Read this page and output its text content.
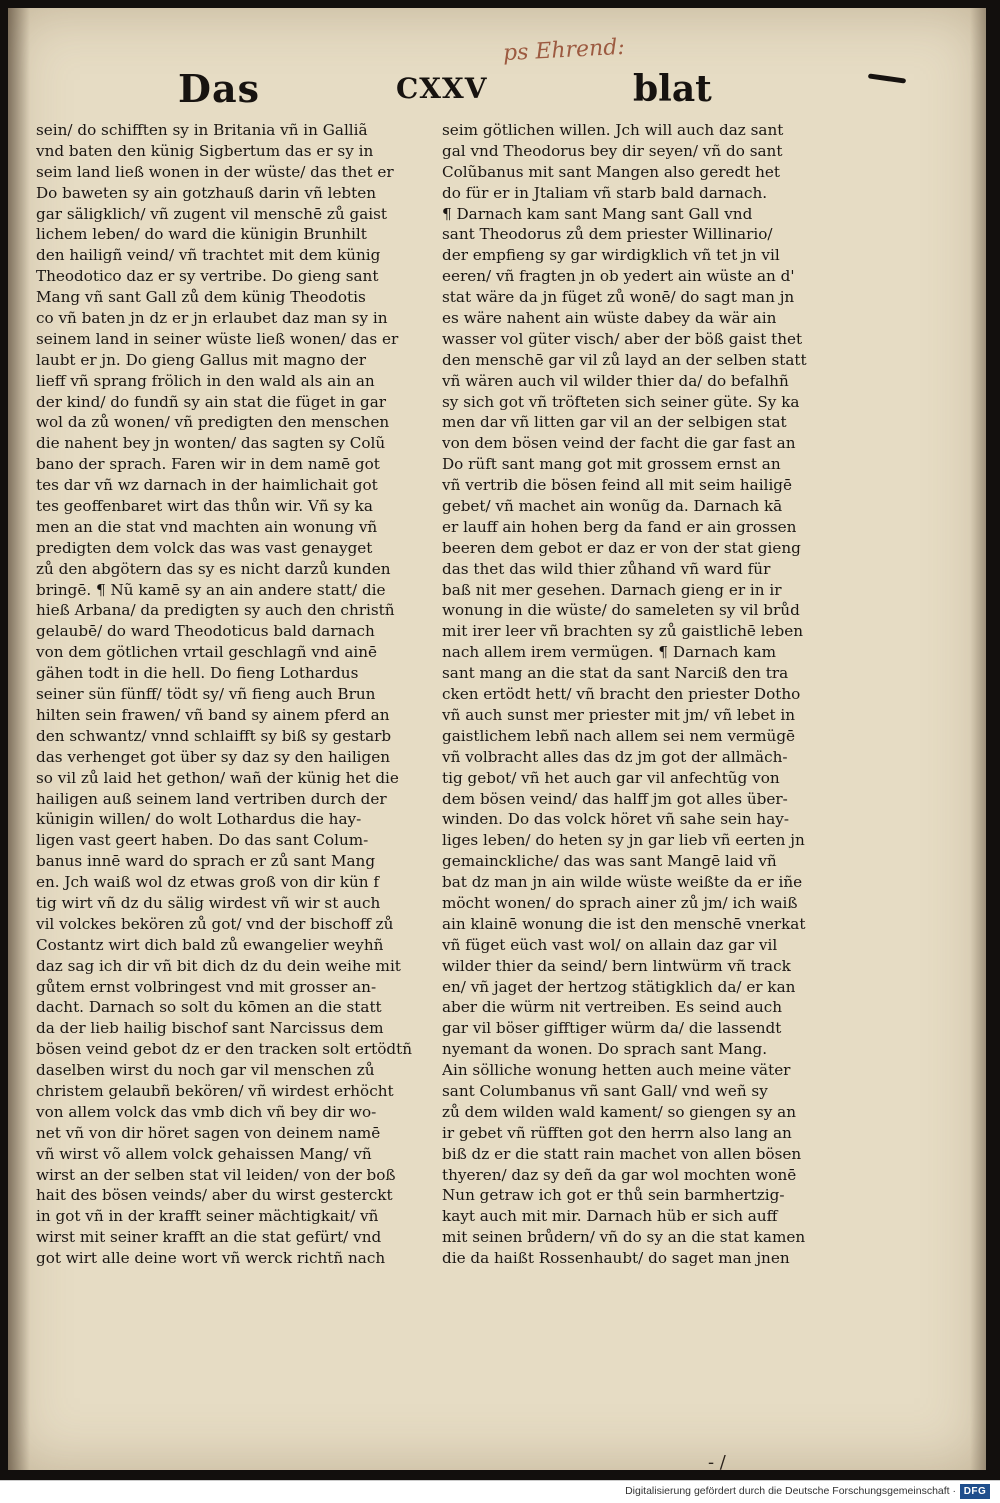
Das	CXXV	blat
ps Ehrend:
sein/ do schifften sy in Britania vñ in Galliã
vnd baten den künig Sigbertum das er sy in
seim land ließ wonen in der wüste/ das thet er
Do baweten sy ain gotzhauß darin vñ lebten
gar säligklich/ vñ zugent vil menschē zů gaist
lichem leben/ do ward die künigin Brunhilt
den hailigñ veind/ vñ trachtet mit dem künig
Theodotico daz er sy vertribe. Do gieng sant
Mang vñ sant Gall zů dem künig Theodotis
co vñ baten jn dz er jn erlaubet daz man sy in
seinem land in seiner wüste ließ wonen/ das er
laubt er jn. Do gieng Gallus mit magno der
lieff vñ sprang frölich in den wald als ain an
der kind/ do fundñ sy ain stat die füget in gar
wol da zů wonen/ vñ predigten den menschen
die nahent bey jn wonten/ das sagten sy Colũ
bano der sprach. Faren wir in dem namē got
tes dar vñ wz darnach in der haimlichait got
tes geoffenbaret wirt das thůn wir. Vñ sy ka
men an die stat vnd machten ain wonung vñ
predigten dem volck das was vast genayget
zů den abgötern das sy es nicht darzů kunden
bringē. ¶ Nũ kamē sy an ain andere statt/ die
hieß Arbana/ da predigten sy auch den christñ
gelaubē/ do ward Theodoticus bald darnach
von dem götlichen vrtail geschlagñ vnd ainē
gähen todt in die hell. Do fieng Lothardus
seiner sün fünff/ tödt sy/ vñ fieng auch Brun
hilten sein frawen/ vñ band sy ainem pferd an
den schwantz/ vnnd schlaifft sy biß sy gestarb
das verhenget got über sy daz sy den hailigen
so vil zů laid het gethon/ wañ der künig het die
hailigen auß seinem land vertriben durch der
künigin willen/ do wolt Lothardus die hay-
ligen vast geert haben. Do das sant Colum-
banus innē ward do sprach er zů sant Mang
en. Jch waiß wol dz etwas groß von dir kün f
tig wirt vñ dz du sälig wirdest vñ wir st auch
vil volckes bekören zů got/ vnd der bischoff zů
Costantz wirt dich bald zů ewangelier weyhñ
daz sag ich dir vñ bit dich dz du dein weihe mit
gůtem ernst volbringest vnd mit grosser an-
dacht. Darnach so solt du kōmen an die statt
da der lieb hailig bischof sant Narcissus dem
bösen veind gebot dz er den tracken solt ertödtñ
daselben wirst du noch gar vil menschen zů
christem gelaubñ bekören/ vñ wirdest erhöcht
von allem volck das vmb dich vñ bey dir wo-
net vñ von dir höret sagen von deinem namē
vñ wirst võ allem volck gehaissen Mang/ vñ
wirst an der selben stat vil leiden/ von der boß
hait des bösen veinds/ aber du wirst gesterckt
in got vñ in der krafft seiner mächtigkait/ vñ
wirst mit seiner krafft an die stat gefürt/ vnd
got wirt alle deine wort vñ werck richtñ nach
seim götlichen willen. Jch will auch daz sant
gal vnd Theodorus bey dir seyen/ vñ do sant
Colũbanus mit sant Mangen also geredt het
do für er in Jtaliam vñ starb bald darnach.
¶ Darnach kam sant Mang sant Gall vnd
sant Theodorus zů dem priester Willinario/
der empfieng sy gar wirdigklich vñ tet jn vil
eeren/ vñ fragten jn ob yedert ain wüste an d'
stat wäre da jn füget zů wonē/ do sagt man jn
es wäre nahent ain wüste dabey da wär ain
wasser vol güter visch/ aber der böß gaist thet
den menschē gar vil zů layd an der selben statt
vñ wären auch vil wilder thier da/ do befalhñ
sy sich got vñ tröfteten sich seiner güte. Sy ka
men dar vñ litten gar vil an der selbigen stat
von dem bösen veind der facht die gar fast an
Do rüft sant mang got mit grossem ernst an
vñ vertrib die bösen feind all mit seim hailigē
gebet/ vñ machet ain wonũg da. Darnach kā
er lauff ain hohen berg da fand er ain grossen
beeren dem gebot er daz er von der stat gieng
das thet das wild thier zůhand vñ ward für
baß nit mer gesehen. Darnach gieng er in ir
wonung in die wüste/ do sameleten sy vil brůd
mit irer leer vñ brachten sy zů gaistlichē leben
nach allem irem vermügen. ¶ Darnach kam
sant mang an die stat da sant Narciß den tra
cken ertödt hett/ vñ bracht den priester Dotho
vñ auch sunst mer priester mit jm/ vñ lebet in
gaistlichem lebñ nach allem sei nem vermügē
vñ volbracht alles das dz jm got der allmäch-
tig gebot/ vñ het auch gar vil anfechtũg von
dem bösen veind/ das halff jm got alles über-
winden. Do das volck höret vñ sahe sein hay-
liges leben/ do heten sy jn gar lieb vñ eerten jn
gemainckliche/ das was sant Mangē laid vñ
bat dz man jn ain wilde wüste weißte da er iñe
möcht wonen/ do sprach ainer zů jm/ ich waiß
ain klainē wonung die ist den menschē vnerkat
vñ füget eüch vast wol/ on allain daz gar vil
wilder thier da seind/ bern lintwürm vñ track
en/ vñ jaget der hertzog stätigklich da/ er kan
aber die würm nit vertreiben. Es seind auch
gar vil böser gifftiger würm da/ die lassendt
nyemant da wonen. Do sprach sant Mang.
Ain sölliche wonung hetten auch meine väter
sant Columbanus vñ sant Gall/ vnd weñ sy
zů dem wilden wald kament/ so giengen sy an
ir gebet vñ rüfften got den herrn also lang an
biß dz er die statt rain machet von allen bösen
thyeren/ daz sy deñ da gar wol mochten wonē
Nun getraw ich got er thů sein barmhertzig-
kayt auch mit mir. Darnach hüb er sich auff
mit seinen brůdern/ vñ do sy an die stat kamen
die da haißt Rossenhaubt/ do saget man jnen
- /
Digitalisierung gefördert durch die Deutsche Forschungsgemeinschaft · DFG
